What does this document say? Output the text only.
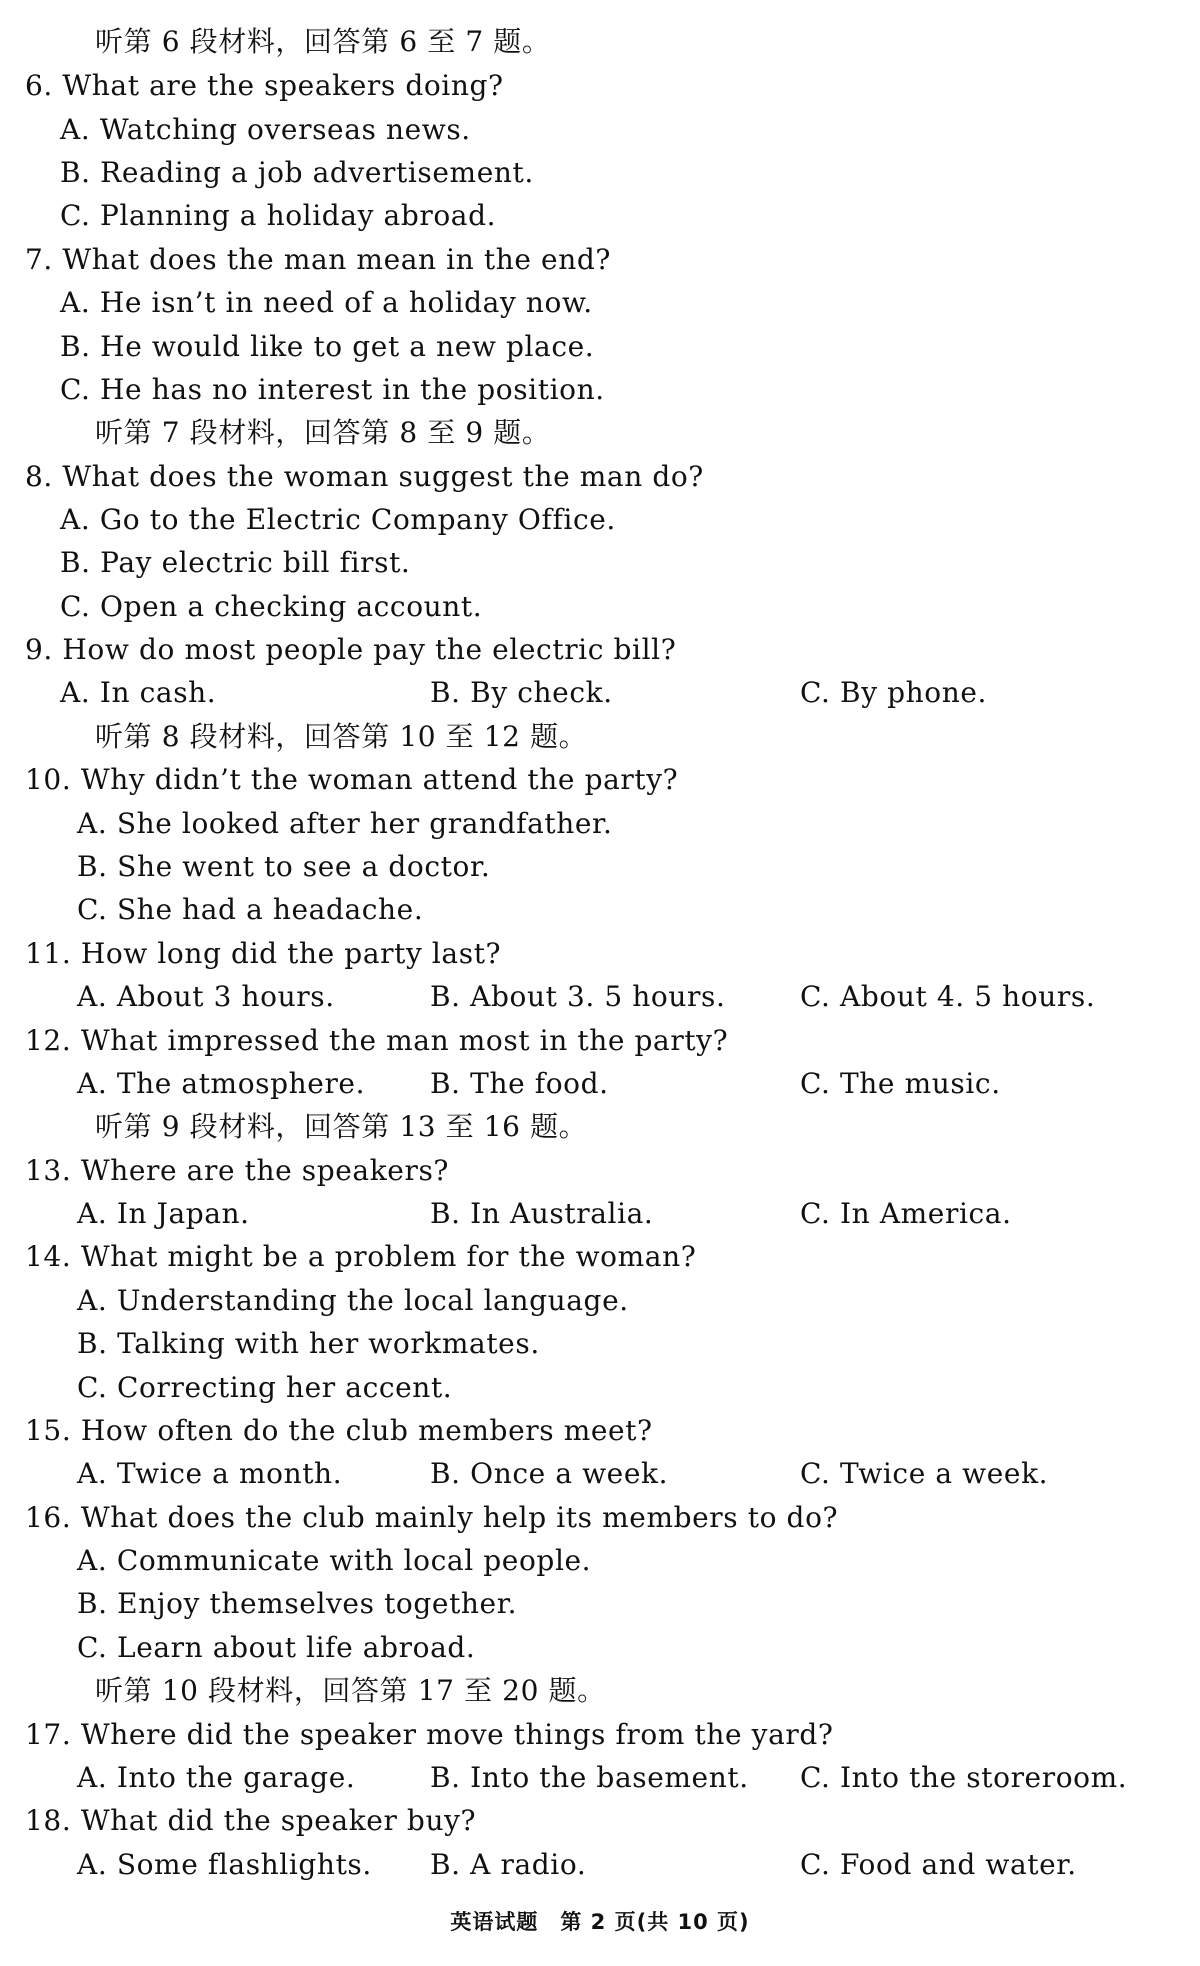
听第 6 段材料，回答第 6 至 7 题。
6. What are the speakers doing?
A. Watching overseas news.
B. Reading a job advertisement.
C. Planning a holiday abroad.
7. What does the man mean in the end?
A. He isn’t in need of a holiday now.
B. He would like to get a new place.
C. He has no interest in the position.
听第 7 段材料，回答第 8 至 9 题。
8. What does the woman suggest the man do?
A. Go to the Electric Company Office.
B. Pay electric bill first.
C. Open a checking account.
9. How do most people pay the electric bill?
A. In cash.	B. By check.	C. By phone.
听第 8 段材料，回答第 10 至 12 题。
10. Why didn’t the woman attend the party?
A. She looked after her grandfather.
B. She went to see a doctor.
C. She had a headache.
11. How long did the party last?
A. About 3 hours.	B. About 3. 5 hours.	C. About 4. 5 hours.
12. What impressed the man most in the party?
A. The atmosphere. B. The food.	C. The music.
听第 9 段材料，回答第 13 至 16 题。
13. Where are the speakers?
A. In Japan.	B. In Australia.	C. In America.
14. What might be a problem for the woman?
A. Understanding the local language.
B. Talking with her workmates.
C. Correcting her accent.
15. How often do the club members meet?
A. Twice a month.	B. Once a week.	C. Twice a week.
16. What does the club mainly help its members to do?
A. Communicate with local people.
B. Enjoy themselves together.
C. Learn about life abroad.
听第 10 段材料，回答第 17 至 20 题。
17. Where did the speaker move things from the yard?
A. Into the garage.	B. Into the basement. C. Into the storeroom.
18. What did the speaker buy?
A. Some flashlights. B. A radio.	C. Food and water.
英语试题　第 2 页(共 10 页)
